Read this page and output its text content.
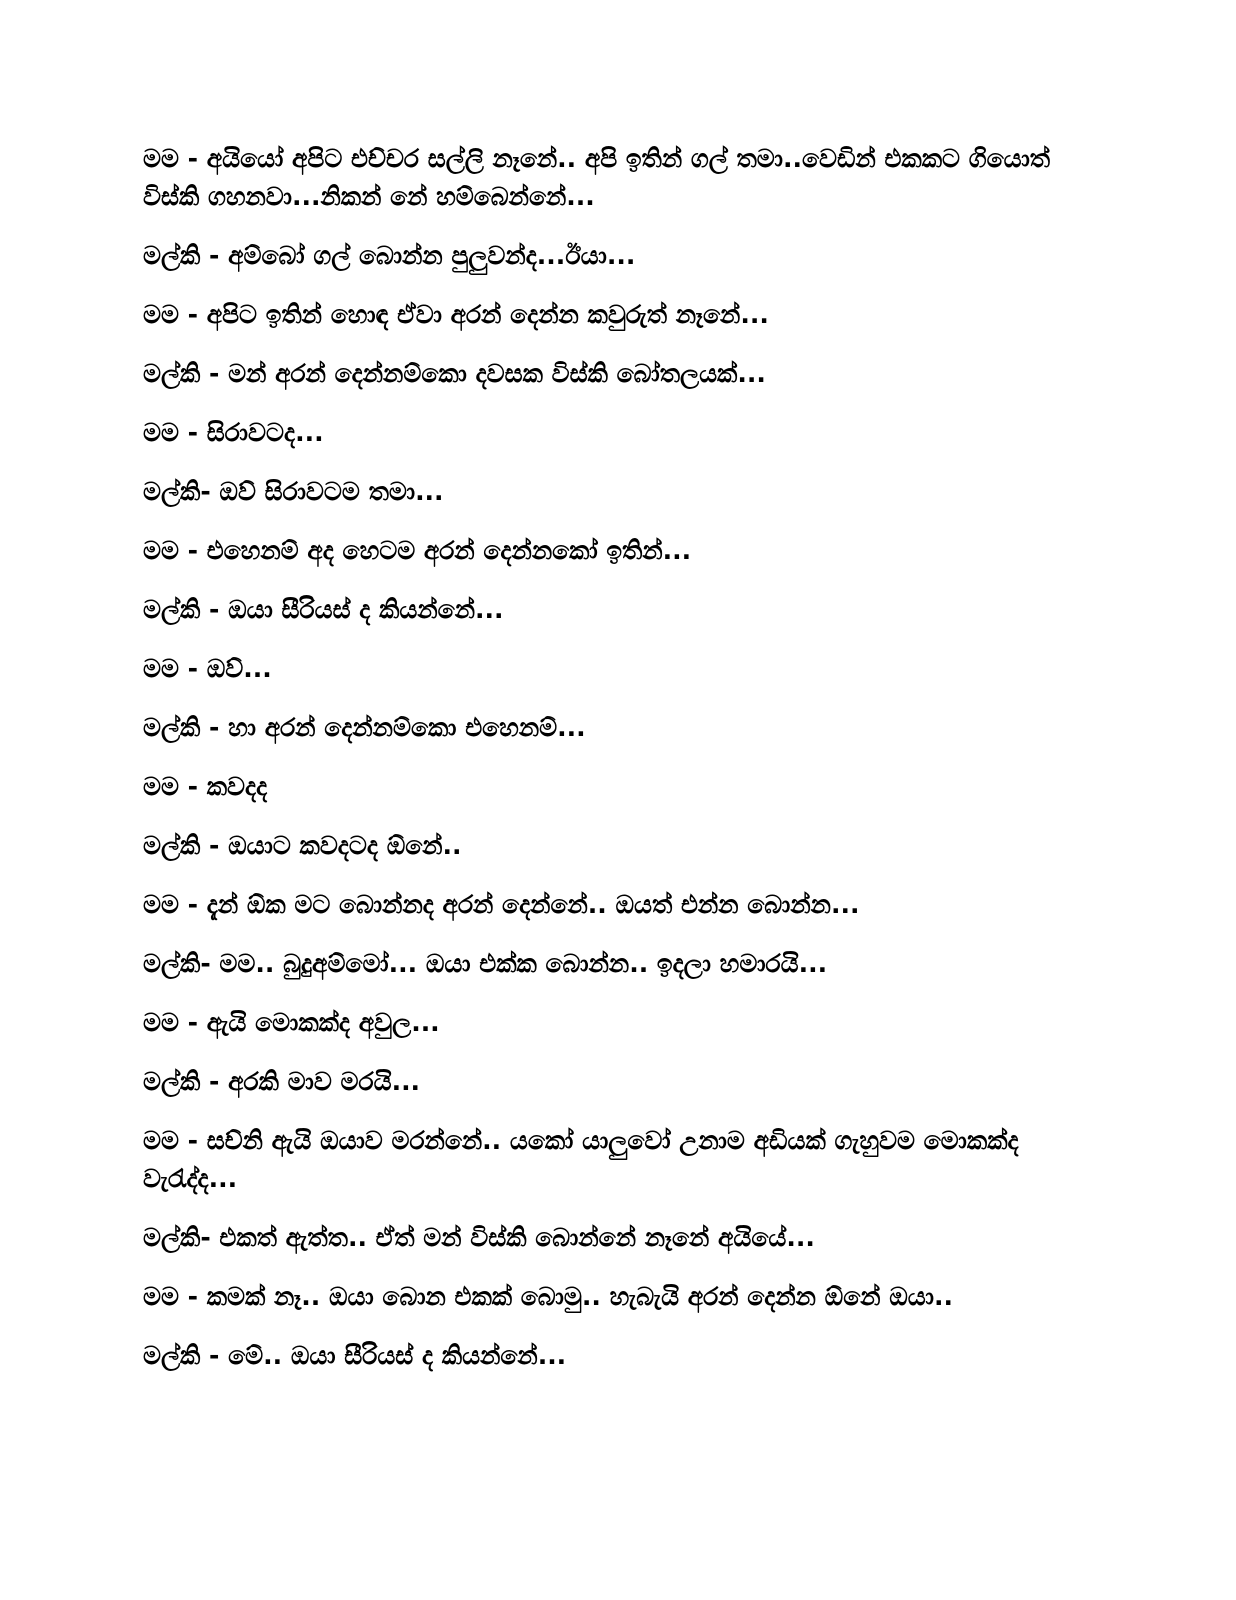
මම - අයියෝ අපිට එච්චර සල්ලි නෑනේ.. අපි ඉතින් ගල් තමා..වෙඩින් එකකට ගියොත් විස්කි ගහනවා...නිකන් නේ හම්බෙන්නේ...

මල්කි - අම්බෝ ගල් බොන්න පුලුවන්ද...ඊයා...

මම - අපිට ඉතින් හොඳ ඒවා අරන් දෙන්න කවුරුත් නෑනේ...

මල්කි - මන් අරන් දෙන්නම්කො දවසක විස්කි බෝතලයක්...

මම - සිරාවටද...

මල්කි- ඔව් සිරාවටම තමා...

මම - එහෙනම් අද හෙටම අරන් දෙන්නකෝ ඉතින්...

මල්කි - ඔයා සීරියස් ද කියන්නේ...

මම - ඔව්...

මල්කි - හා අරන් දෙන්නම්කො එහෙනම්...

මම - කවදද

මල්කි - ඔයාට කවදටද ඕනේ..

මම - දැන් ඕක මට බොන්නද අරන් දෙන්නේ.. ඔයත් එන්න බොන්න...

මල්කි- මම.. බුදුඅම්මෝ... ඔයා එක්ක බොන්න.. ඉදලා හමාරයි...

මම - ඇයි මොකක්ද අවුල...

මල්කි - අරකි මාව මරයි...

මම - සච්නි ඇයි ඔයාව මරන්නේ.. යකෝ යාලුවෝ උනාම අඩියක් ගැහුවම මොකක්ද වැරැද්ද...

මල්කි- එකත් ඇත්ත.. ඒත් මන් විස්කි බොන්නේ නෑනේ අයියේ...

මම - කමක් නෑ.. ඔයා බොන එකක් බොමු.. හැබැයි අරන් දෙන්න ඕනේ ඔයා..

මල්කි - මේ.. ඔයා සීරියස් ද කියන්නේ...
